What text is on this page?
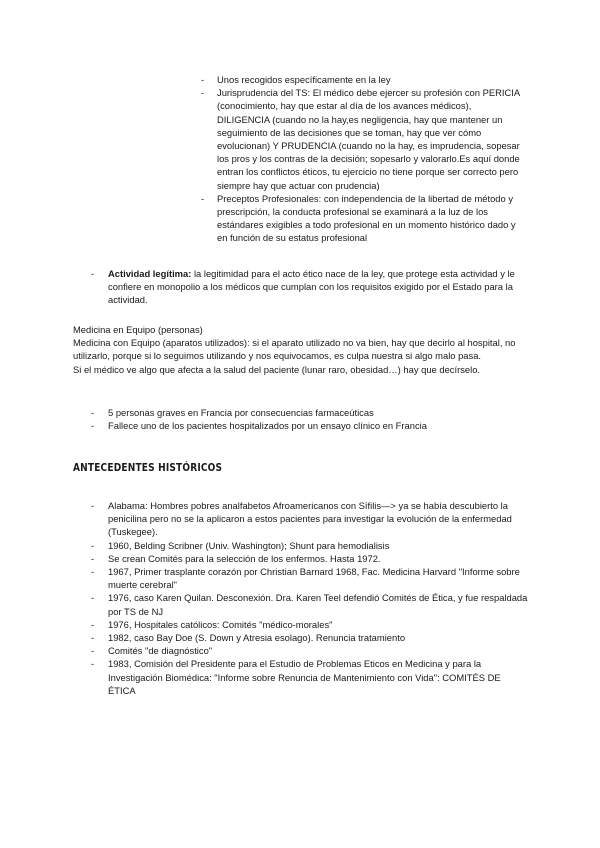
- Unos recogidos específicamente en la ley
- Jurisprudencia del TS: El médico debe ejercer su profesión con PERICIA (conocimiento, hay que estar al día de los avances médicos), DILIGENCIA (cuando no la hay,es negligencia, hay que mantener un seguimiento de las decisiones que se toman, hay que ver cómo evolucionan) Y PRUDENCIA (cuando no la hay, es imprudencia, sopesar los pros y los contras de la decisión; sopesarlo y valorarlo.Es aquí donde entran los conflictos éticos, tu ejercicio no tiene porque ser correcto pero siempre hay que actuar con prudencia)
- Preceptos Profesionales: con independencia de la libertad de método y prescripción, la conducta profesional se examinará a la luz de los estándares exigibles a todo profesional en un momento histórico dado y en función de su estatus profesional
- Actividad legítima: la legitimidad para el acto ético nace de la ley, que protege esta actividad y le confiere en monopolio a los médicos que cumplan con los requisitos exigido por el Estado para la actividad.
Medicina en Equipo (personas)
Medicina con Equipo (aparatos utilizados): si el aparato utilizado no va bien, hay que decirlo al hospital, no utilizarlo, porque si lo seguimos utilizando y nos equivocamos, es culpa nuestra si algo malo pasa.
Si el médico ve algo que afecta a la salud del paciente (lunar raro, obesidad…) hay que decírselo.
- 5 personas graves en Francia por consecuencias farmaceúticas
- Fallece uno de los pacientes hospitalizados por un ensayo clínico en Francia
ANTECEDENTES HISTÓRICOS
- Alabama: Hombres pobres analfabetos Afroamericanos con Sífilis—> ya se había descubierto la penicilina pero no se la aplicaron a estos pacientes para investigar la evolución de la enfermedad (Tuskegee).
- 1960, Belding Scribner (Univ. Washington); Shunt para hemodialisis
- Se crean Comités para la selección de los enfermos. Hasta 1972.
- 1967, Primer trasplante corazón por Christian Barnard 1968, Fac. Medicina Harvard "Informe sobre muerte cerebral"
- 1976, caso Karen Quilan. Desconexión. Dra. Karen Teel defendió Comités de Ética, y fue respaldada por TS de NJ
- 1976, Hospitales católicos: Comités "médico-morales"
- 1982, caso Bay Doe (S. Down y Atresia esolago). Renuncia tratamiento
- Comités "de diagnóstico"
- 1983, Comisión del Presidente para el Estudio de Problemas Eticos en Medicina y para la Investigación Biomédica: "Informe sobre Renuncia de Mantenimiento con Vida": COMITÉS DE ÉTICA
